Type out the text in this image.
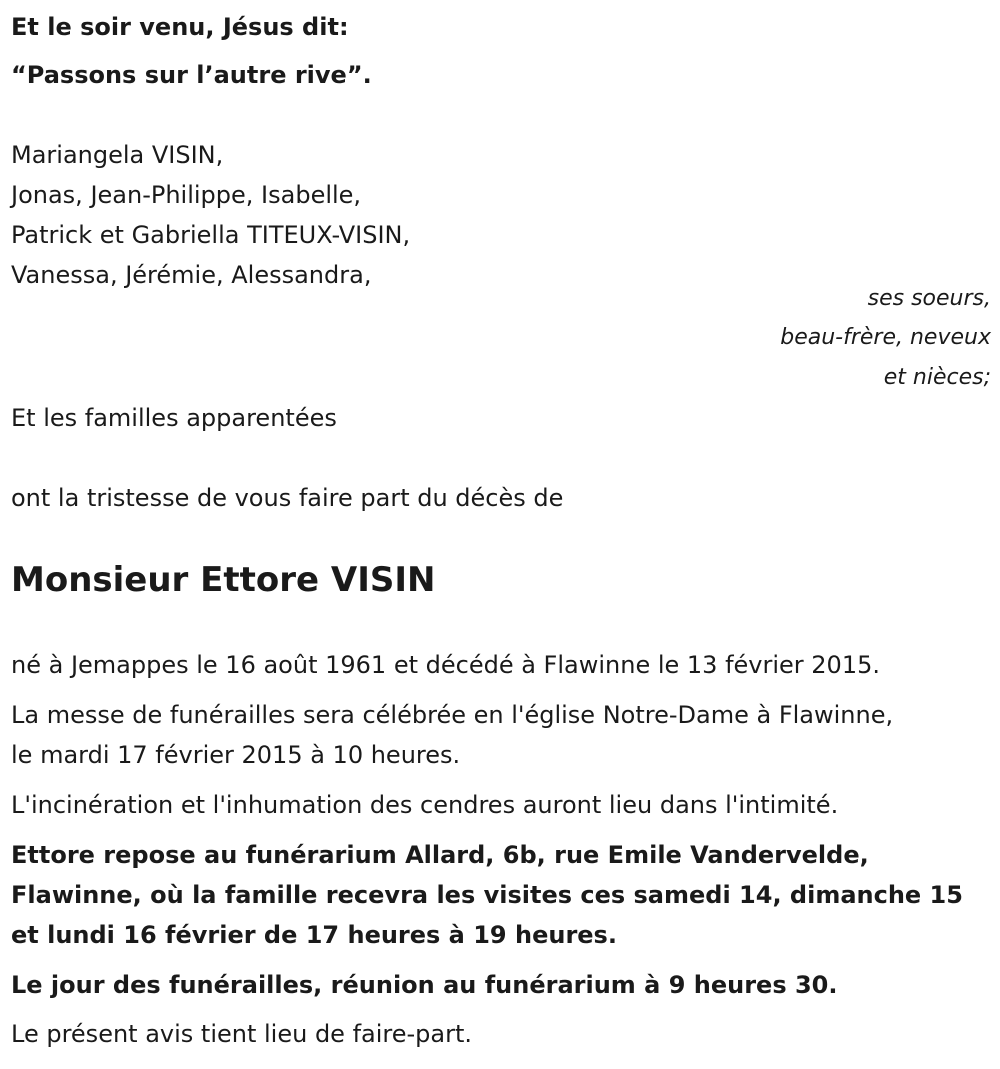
Et le soir venu, Jésus dit:
“Passons sur l’autre rive”.
Mariangela VISIN,
Jonas, Jean-Philippe, Isabelle,
Patrick et Gabriella TITEUX-VISIN,
Vanessa, Jérémie, Alessandra,
ses soeurs,
beau-frère, neveux
et nièces;
Et les familles apparentées
ont la tristesse de vous faire part du décès de
Monsieur Ettore VISIN
né à Jemappes le 16 août 1961 et décédé à Flawinne le 13 février 2015.
La messe de funérailles sera célébrée en l'église Notre-Dame à Flawinne,
le mardi 17 février 2015 à 10 heures.
L'incinération et l'inhumation des cendres auront lieu dans l'intimité.
Ettore repose au funérarium Allard, 6b, rue Emile Vandervelde,
Flawinne, où la famille recevra les visites ces samedi 14, dimanche 15
et lundi 16 février de 17 heures à 19 heures.
Le jour des funérailles, réunion au funérarium à 9 heures 30.
Le présent avis tient lieu de faire-part.
